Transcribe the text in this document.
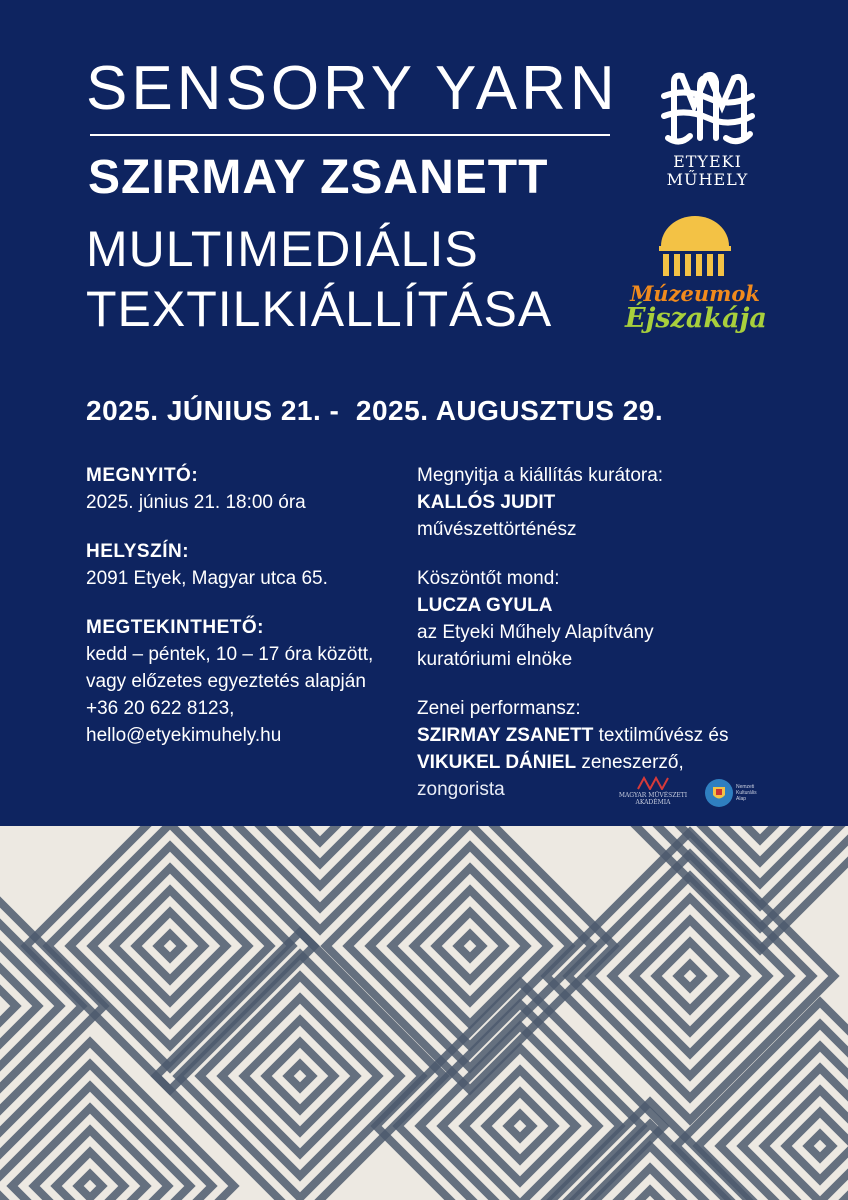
SENSORY YARN
SZIRMAY ZSANETT
MULTIMEDIÁLIS
TEXTILKIÁLLÍTÁSA
ETYEKI
MŰHELY
Múzeumok
Éjszakája
2025. JÚNIUS 21. -  2025. AUGUSZTUS 29.
MEGNYITÓ:
2025. június 21. 18:00 óra
HELYSZÍN:
2091 Etyek, Magyar utca 65.
MEGTEKINTHETŐ:
kedd – péntek, 10 – 17 óra között,
vagy előzetes egyeztetés alapján
+36 20 622 8123,
hello@etyekimuhely.hu
Megnyitja a kiállítás kurátora:
KALLÓS JUDIT
művészettörténész
Köszöntőt mond:
LUCZA GYULA
az Etyeki Műhely Alapítvány
kuratóriumi elnöke
Zenei performansz:
SZIRMAY ZSANETT textilművész és
VIKUKEL DÁNIEL zeneszerző,
zongorista	MAGYAR MŰVÉSZETI
AKADÉMIA
Nemzeti
Kulturális
Alap
